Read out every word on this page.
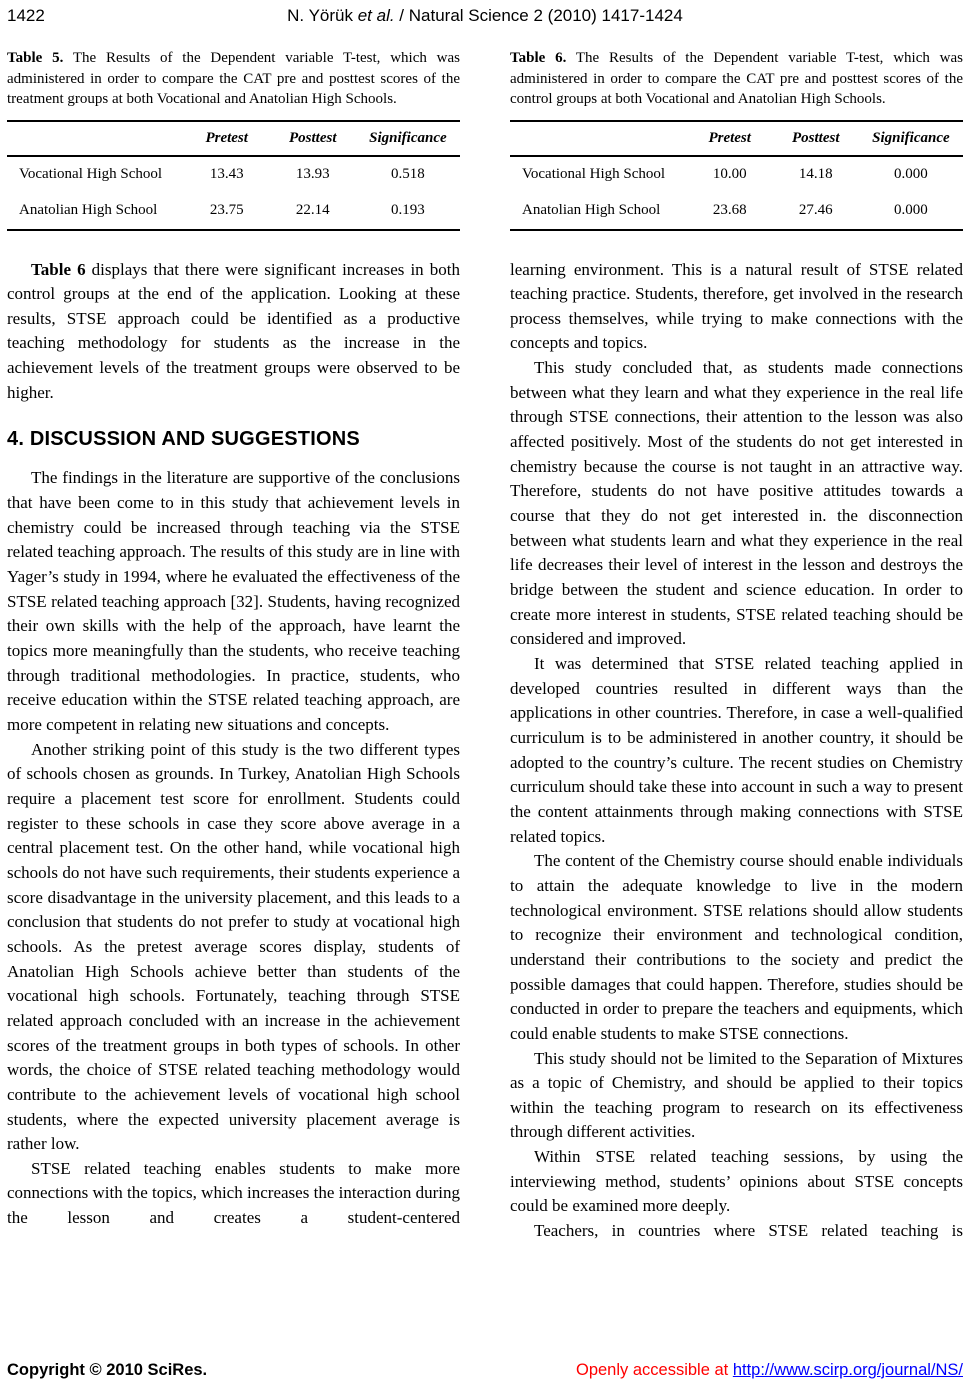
1422	N. Yörük et al. / Natural Science 2 (2010) 1417-1424

Table 5. The Results of the Dependent variable T-test, which was administered in order to compare the CAT pre and posttest scores of the treatment groups at both Vocational and Anatolian High Schools.

	Pretest	Posttest	Significance
Vocational High School	13.43	13.93	0.518
Anatolian High School	23.75	22.14	0.193

Table 6 displays that there were significant increases in both control groups at the end of the application. Looking at these results, STSE approach could be identified as a productive teaching methodology for students as the increase in the achievement levels of the treatment groups were observed to be higher.

4. DISCUSSION AND SUGGESTIONS

The findings in the literature are supportive of the conclusions that have been come to in this study that achievement levels in chemistry could be increased through teaching via the STSE related teaching approach. The results of this study are in line with Yager’s study in 1994, where he evaluated the effectiveness of the STSE related teaching approach [32]. Students, having recognized their own skills with the help of the approach, have learnt the topics more meaningfully than the students, who receive teaching through traditional methodologies. In practice, students, who receive education within the STSE related teaching approach, are more competent in relating new situations and concepts.

Another striking point of this study is the two different types of schools chosen as grounds. In Turkey, Anatolian High Schools require a placement test score for enrollment. Students could register to these schools in case they score above average in a central placement test. On the other hand, while vocational high schools do not have such requirements, their students experience a score disadvantage in the university placement, and this leads to a conclusion that students do not prefer to study at vocational high schools. As the pretest average scores display, students of Anatolian High Schools achieve better than students of the vocational high schools. Fortunately, teaching through STSE related approach concluded with an increase in the achievement scores of the treatment groups in both types of schools. In other words, the choice of STSE related teaching methodology would contribute to the achievement levels of vocational high school students, where the expected university placement average is rather low.

STSE related teaching enables students to make more connections with the topics, which increases the interaction during the lesson and creates a student-centered

Table 6. The Results of the Dependent variable T-test, which was administered in order to compare the CAT pre and posttest scores of the control groups at both Vocational and Anatolian High Schools.

	Pretest	Posttest	Significance
Vocational High School	10.00	14.18	0.000
Anatolian High School	23.68	27.46	0.000

learning environment. This is a natural result of STSE related teaching practice. Students, therefore, get involved in the research process themselves, while trying to make connections with the concepts and topics.

This study concluded that, as students made connections between what they learn and what they experience in the real life through STSE connections, their attention to the lesson was also affected positively. Most of the students do not get interested in chemistry because the course is not taught in an attractive way. Therefore, students do not have positive attitudes towards a course that they do not get interested in. the disconnection between what students learn and what they experience in the real life decreases their level of interest in the lesson and destroys the bridge between the student and science education. In order to create more interest in students, STSE related teaching should be considered and improved.

It was determined that STSE related teaching applied in developed countries resulted in different ways than the applications in other countries. Therefore, in case a well-qualified curriculum is to be administered in another country, it should be adopted to the country’s culture. The recent studies on Chemistry curriculum should take these into account in such a way to present the content attainments through making connections with STSE related topics.

The content of the Chemistry course should enable individuals to attain the adequate knowledge to live in the modern technological environment. STSE relations should allow students to recognize their environment and technological condition, understand their contributions to the society and predict the possible damages that could happen. Therefore, studies should be conducted in order to prepare the teachers and equipments, which could enable students to make STSE connections.

This study should not be limited to the Separation of Mixtures as a topic of Chemistry, and should be applied to their topics within the teaching program to research on its effectiveness through different activities.

Within STSE related teaching sessions, by using the interviewing method, students’ opinions about STSE concepts could be examined more deeply.

Teachers, in countries where STSE related teaching is

Copyright © 2010 SciRes.	Openly accessible at http://www.scirp.org/journal/NS/
